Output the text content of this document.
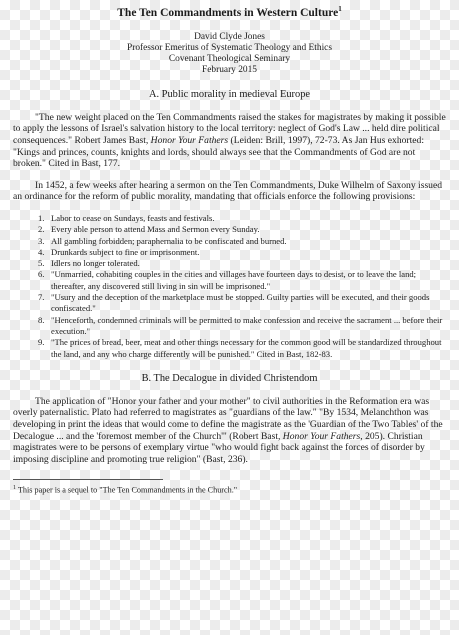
The Ten Commandments in Western Culture$^1$
David Clyde Jones
Professor Emeritus of Systematic Theology and Ethics
Covenant Theological Seminary
February 2015
A. Public morality in medieval Europe

"The new weight placed on the Ten Commandments raised the stakes for magistrates by making it possible to apply the lessons of Israel's salvation history to the local territory: neglect of God's Law ... held dire political consequences." Robert James Bast, Honor Your Fathers (Leiden: Brill, 1997), 72-73. As Jan Hus exhorted: "Kings and princes, counts, knights and lords, should always see that the Commandments of God are not broken." Cited in Bast, 177.

In 1452, a few weeks after hearing a sermon on the Ten Commandments, Duke Wilhelm of Saxony issued an ordinance for the reform of public morality, mandating that officials enforce the following provisions:

1. Labor to cease on Sundays, feasts and festivals.
2. Every able person to attend Mass and Sermon every Sunday.
3. All gambling forbidden; paraphernalia to be confiscated and burned.
4. Drunkards subject to fine or imprisonment.
5. Idlers no longer tolerated.
6. "Unmarried, cohabiting couples in the cities and villages have fourteen days to desist, or to leave the land; thereafter, any discovered still living in sin will be imprisoned."
7. "Usury and the deception of the marketplace must be stopped. Guilty parties will be executed, and their goods confiscated."
8. "Henceforth, condemned criminals will be permitted to make confession and receive the sacrament ... before their execution."
9. "The prices of bread, beer, meat and other things necessary for the common good will be standardized throughout the land, and any who charge differently will be punished." Cited in Bast, 182-83.
B. The Decalogue in divided Christendom

The application of "Honor your father and your mother" to civil authorities in the Reformation era was overly paternalistic. Plato had referred to magistrates as "guardians of the law." "By 1534, Melanchthon was developing in print the ideas that would come to define the magistrate as the 'Guardian of the Two Tables' of the Decalogue ... and the 'foremost member of the Church'" (Robert Bast, Honor Your Fathers, 205). Christian magistrates were to be persons of exemplary virtue "who would fight back against the forces of disorder by imposing discipline and promoting true religion" (Bast, 236).

$^1$ This paper is a sequel to "The Ten Commandments in the Church."
